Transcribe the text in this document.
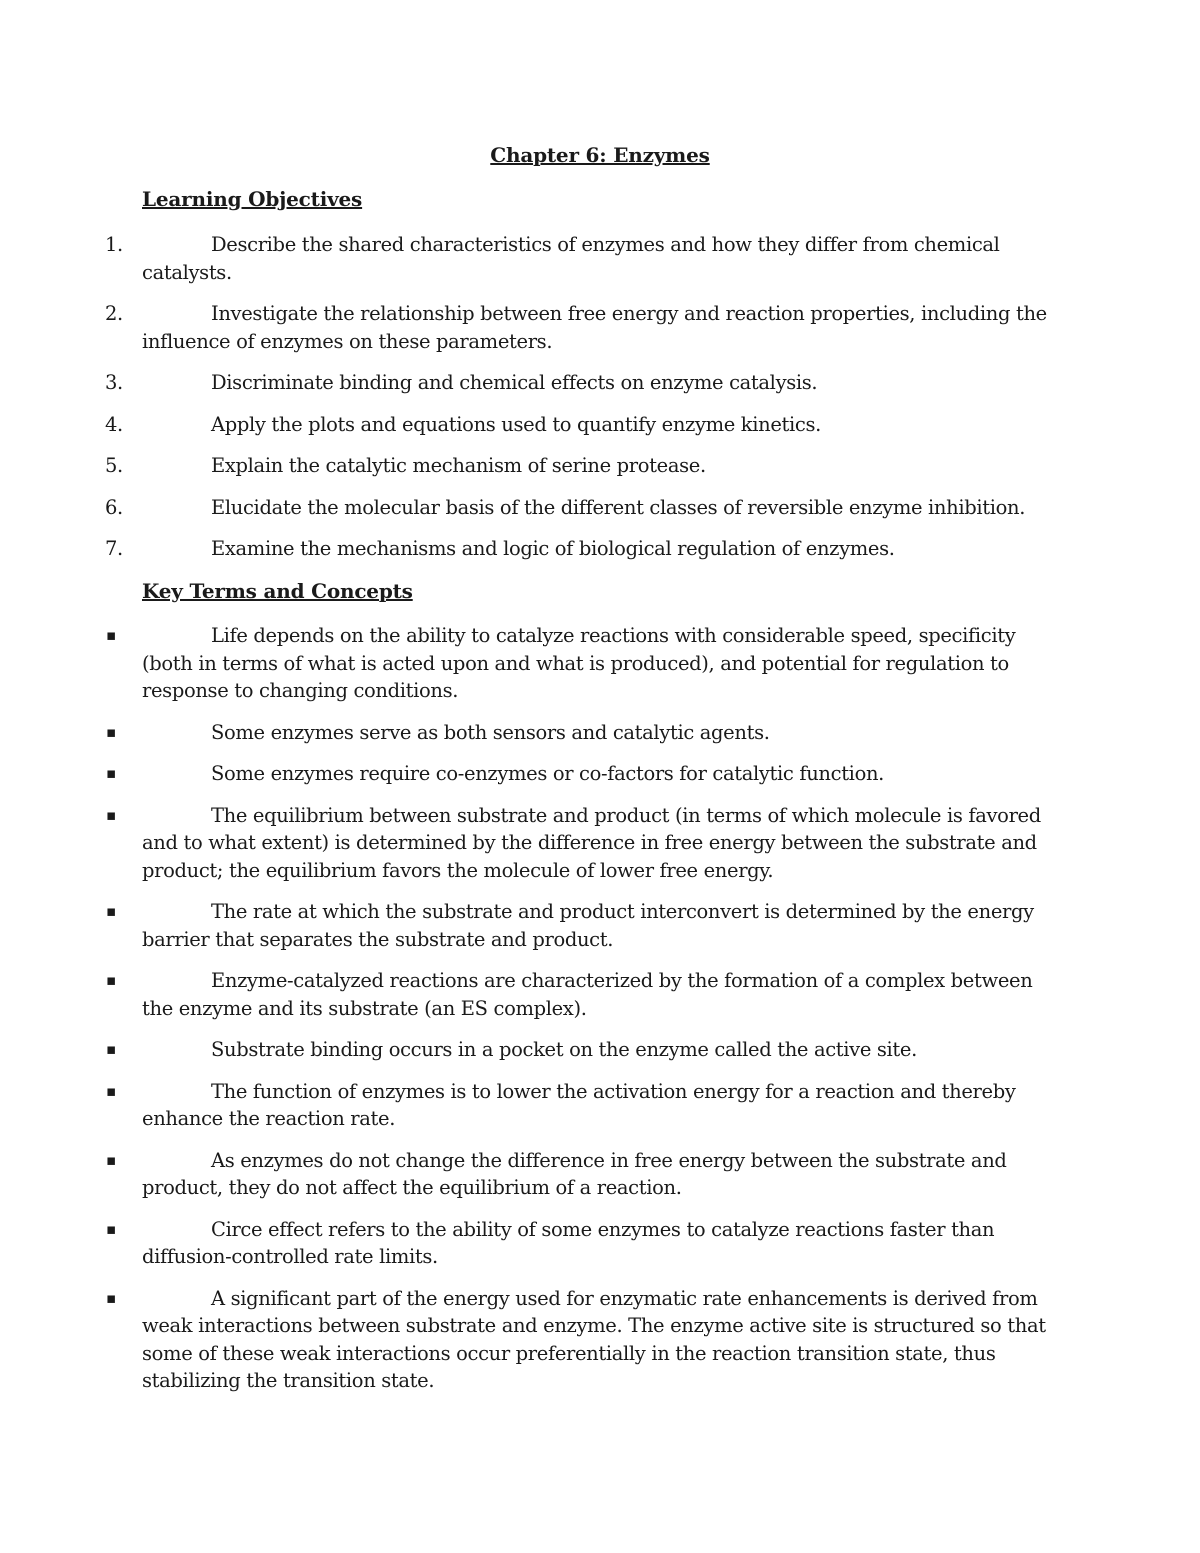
Chapter 6: Enzymes
Learning Objectives
1.	Describe the shared characteristics of enzymes and how they differ from chemical catalysts.
2.	Investigate the relationship between free energy and reaction properties, including the influence of enzymes on these parameters.
3.	Discriminate binding and chemical effects on enzyme catalysis.
4.	Apply the plots and equations used to quantify enzyme kinetics.
5.	Explain the catalytic mechanism of serine protease.
6.	Elucidate the molecular basis of the different classes of reversible enzyme inhibition.
7.	Examine the mechanisms and logic of biological regulation of enzymes.
Key Terms and Concepts
▪	Life depends on the ability to catalyze reactions with considerable speed, specificity (both in terms of what is acted upon and what is produced), and potential for regulation to response to changing conditions.
▪	Some enzymes serve as both sensors and catalytic agents.
▪	Some enzymes require co-enzymes or co-factors for catalytic function.
▪	The equilibrium between substrate and product (in terms of which molecule is favored and to what extent) is determined by the difference in free energy between the substrate and product; the equilibrium favors the molecule of lower free energy.
▪	The rate at which the substrate and product interconvert is determined by the energy barrier that separates the substrate and product.
▪	Enzyme-catalyzed reactions are characterized by the formation of a complex between the enzyme and its substrate (an ES complex).
▪	Substrate binding occurs in a pocket on the enzyme called the active site.
▪	The function of enzymes is to lower the activation energy for a reaction and thereby enhance the reaction rate.
▪	As enzymes do not change the difference in free energy between the substrate and product, they do not affect the equilibrium of a reaction.
▪	Circe effect refers to the ability of some enzymes to catalyze reactions faster than diffusion-controlled rate limits.
▪	A significant part of the energy used for enzymatic rate enhancements is derived from weak interactions between substrate and enzyme. The enzyme active site is structured so that some of these weak interactions occur preferentially in the reaction transition state, thus stabilizing the transition state.
